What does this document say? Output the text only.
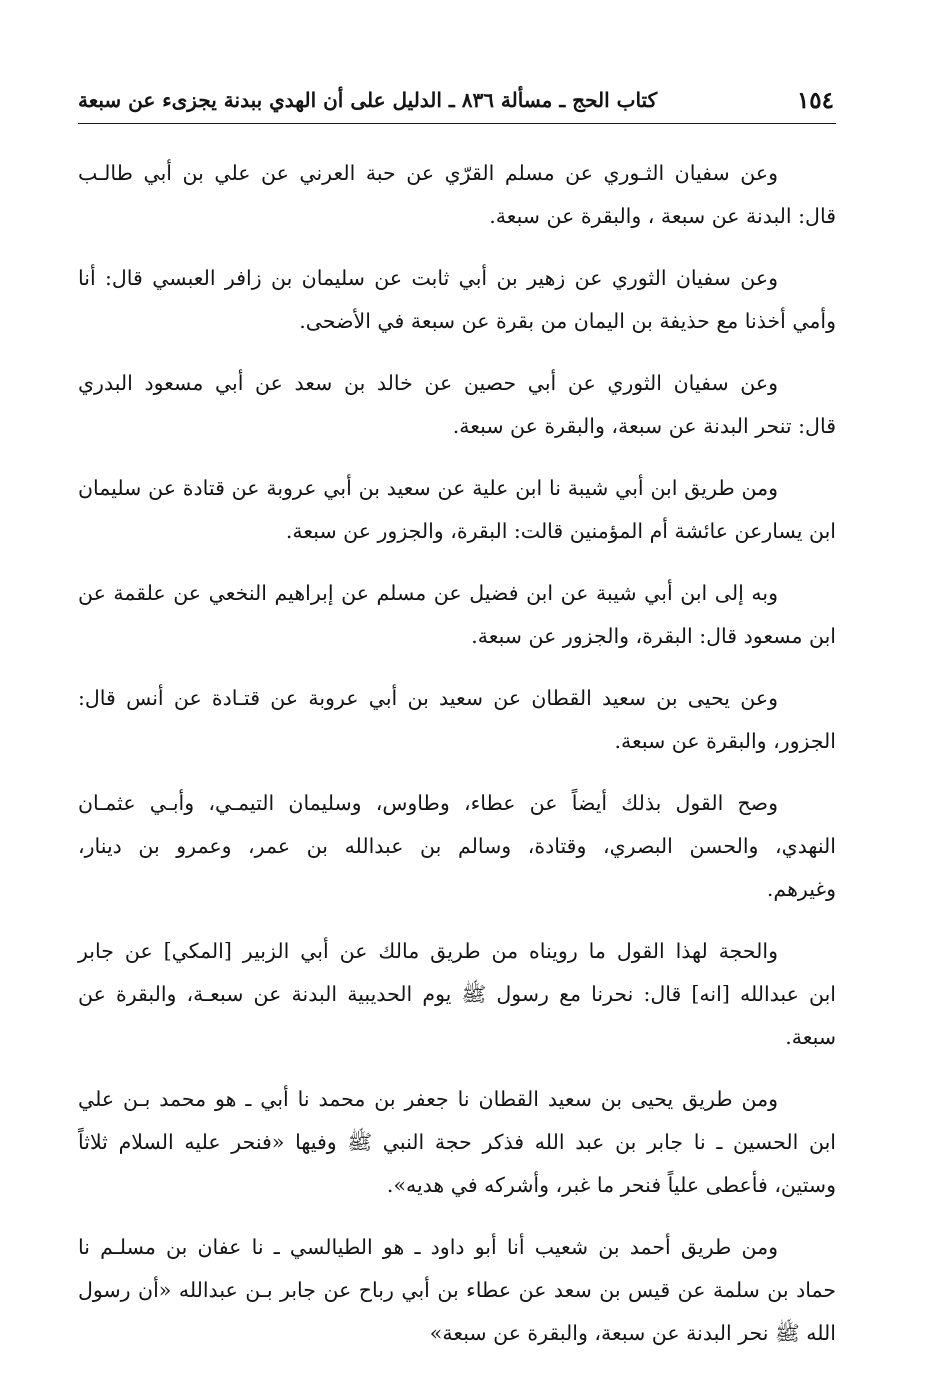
١٥٤
كتاب الحج ـ مسألة ٨٣٦ ـ الدليل على أن الهدي ببدنة يجزىء عن سبعة

وعن سفيان الثـوري عن مسلم القرّي عن حبة العرني عن علي بن أبي طالـب
قال: البدنة عن سبعة ، والبقرة عن سبعة.

وعن سفيان الثوري عن زهير بن أبي ثابت عن سليمان بن زافر العبسي قال: أنا
وأمي أخذنا مع حذيفة بن اليمان من بقرة عن سبعة في الأضحى.

وعن سفيان الثوري عن أبي حصين عن خالد بن سعد عن أبي مسعود البدري
قال: تنحر البدنة عن سبعة، والبقرة عن سبعة.

ومن طريق ابن أبي شيبة نا ابن علية عن سعيد بن أبي عروبة عن قتادة عن سليمان
ابن يسارعن عائشة أم المؤمنين قالت: البقرة، والجزور عن سبعة.

وبه إلى ابن أبي شيبة عن ابن فضيل عن مسلم عن إبراهيم النخعي عن علقمة عن
ابن مسعود قال: البقرة، والجزور عن سبعة.

وعن يحيى بن سعيد القطان عن سعيد بن أبي عروبة عن قتـادة عن أنس قال:
الجزور، والبقرة عن سبعة.

وصح القول بذلك أيضاً عن عطاء، وطاوس، وسليمان التيمـي، وأبـي عثمـان
النهدي، والحسن البصري، وقتادة، وسالم بن عبدالله بن عمر، وعمرو بن دينار،
وغيرهم.

والحجة لهذا القول ما رويناه من طريق مالك عن أبي الزبير [المكي] عن جابر
ابن عبدالله [انه] قال: نحرنا مع رسول ﷺ يوم الحديبية البدنة عن سبعـة، والبقرة عن
سبعة.

ومن طريق يحيى بن سعيد القطان نا جعفر بن محمد نا أبي ـ هو محمد بـن علي
ابن الحسين ـ نا جابر بن عبد الله فذكر حجة النبي ﷺ وفيها «فنحر عليه السلام ثلاثاً
وستين، فأعطى علياً فنحر ما غبر، وأشركه في هديه».

ومن طريق أحمد بن شعيب أنا أبو داود ـ هو الطيالسي ـ نا عفان بن مسلـم نا
حماد بن سلمة عن قيس بن سعد عن عطاء بن أبي رباح عن جابر بـن عبدالله «أن رسول
الله ﷺ نحر البدنة عن سبعة، والبقرة عن سبعة»
